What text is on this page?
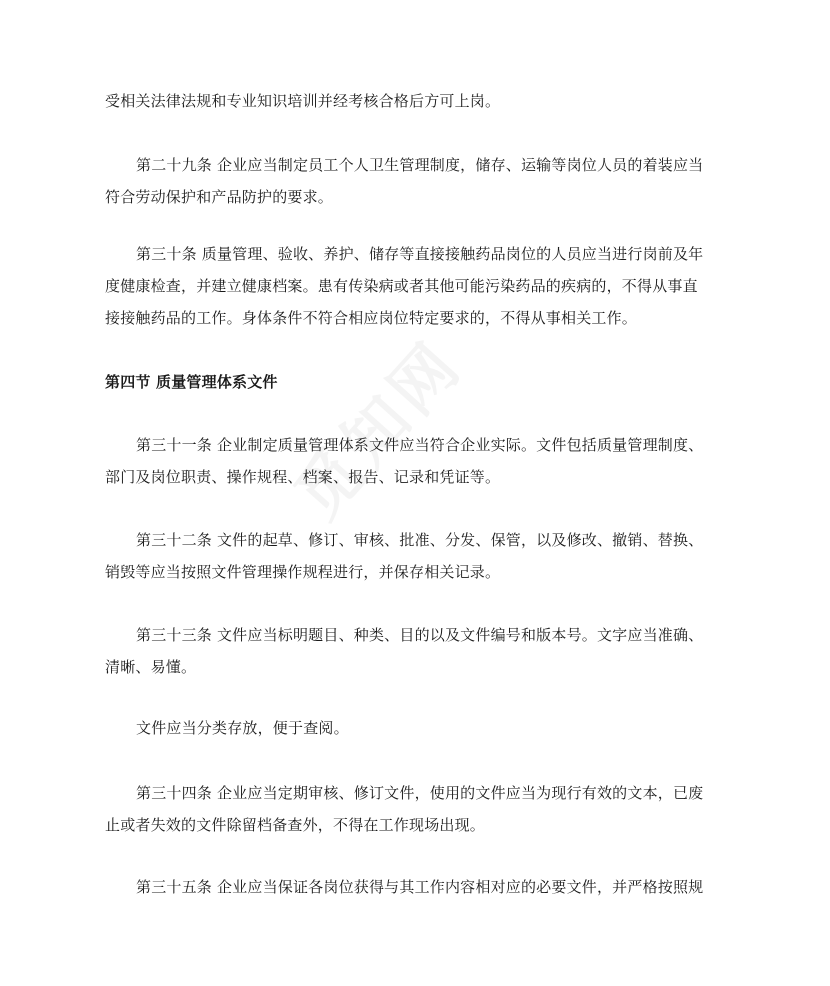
受相关法律法规和专业知识培训并经考核合格后方可上岗。

第二十九条 企业应当制定员工个人卫生管理制度，储存、运输等岗位人员的着装应当
符合劳动保护和产品防护的要求。

第三十条 质量管理、验收、养护、储存等直接接触药品岗位的人员应当进行岗前及年
度健康检查，并建立健康档案。患有传染病或者其他可能污染药品的疾病的，不得从事直
接接触药品的工作。身体条件不符合相应岗位特定要求的，不得从事相关工作。

第四节 质量管理体系文件

第三十一条 企业制定质量管理体系文件应当符合企业实际。文件包括质量管理制度、
部门及岗位职责、操作规程、档案、报告、记录和凭证等。

第三十二条 文件的起草、修订、审核、批准、分发、保管，以及修改、撤销、替换、
销毁等应当按照文件管理操作规程进行，并保存相关记录。

第三十三条 文件应当标明题目、种类、目的以及文件编号和版本号。文字应当准确、
清晰、易懂。

文件应当分类存放，便于查阅。

第三十四条 企业应当定期审核、修订文件，使用的文件应当为现行有效的文本，已废
止或者失效的文件除留档备查外，不得在工作现场出现。

第三十五条 企业应当保证各岗位获得与其工作内容相对应的必要文件，并严格按照规
